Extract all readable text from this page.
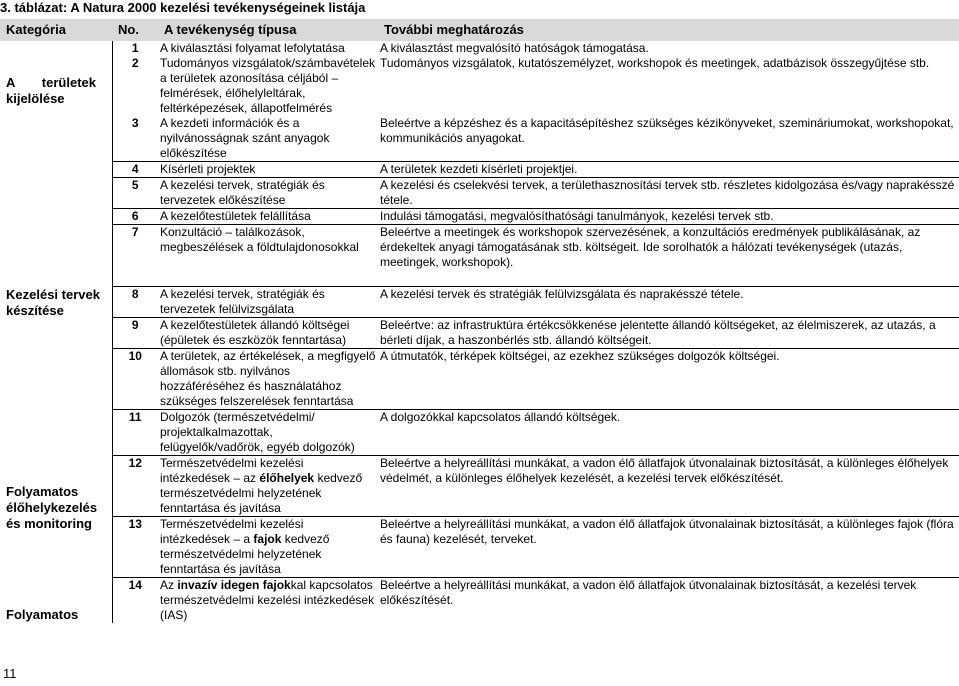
3. táblázat: A Natura 2000 kezelési tevékenységeinek listája
Kategória	No.	A tevékenység típusa	További meghatározás

A területek
kijelölése	1	A kiválasztási folyamat lefolytatása	A kiválasztást megvalósító hatóságok támogatása.
	2	Tudományos vizsgálatok/számbavételek a területek azonosítása céljából – felmérések, élőhelyleltárak, feltérképezések, állapotfelmérés	Tudományos vizsgálatok, kutatószemélyzet, workshopok és meetingek, adatbázisok összegyűjtése stb.
	3	A kezdeti információk és a nyilvánosságnak szánt anyagok előkészítése	Beleértve a képzéshez és a kapacitásépítéshez szükséges kézikönyveket, szemináriumokat, workshopokat, kommunikációs anyagokat.
	4	Kísérleti projektek	A területek kezdeti kísérleti projektjei.
	5	A kezelési tervek, stratégiák és tervezetek előkészítése	A kezelési és cselekvési tervek, a területhasznosítási tervek stb. részletes kidolgozása és/vagy naprakésszé tétele.
	6	A kezelőtestületek felállítása	Indulási támogatási, megvalósíthatósági tanulmányok, kezelési tervek stb.
	7	Konzultáció – találkozások, megbeszélések a földtulajdonosokkal	Beleértve a meetingek és workshopok szervezésének, a konzultációs eredmények publikálásának, az érdekeltek anyagi támogatásának stb. költségeit. Ide sorolhatók a hálózati tevékenységek (utazás, meetingek, workshopok).

Kezelési tervek készítése	8	A kezelési tervek, stratégiák és tervezetek felülvizsgálata	A kezelési tervek és stratégiák felülvizsgálata és naprakésszé tétele.
	9	A kezelőtestületek állandó költségei (épületek és eszközök fenntartása)	Beleértve: az infrastruktúra értékcsökkenése jelentette állandó költségeket, az élelmiszerek, az utazás, a bérleti díjak, a haszonbérlés stb. állandó költségeit.
	10	A területek, az értékelések, a megfigyelő állomások stb. nyilvános hozzáféréséhez és használatához szükséges felszerelések fenntartása	A útmutatók, térképek költségei, az ezekhez szükséges dolgozók költségei.
Folyamatos élőhelykezelés és monitoring	11	Dolgozók (természetvédelmi/ projektalkalmazottak, felügyelők/vadőrök, egyéb dolgozók)	A dolgozókkal kapcsolatos állandó költségek.
	12	Természetvédelmi kezelési intézkedések – az élőhelyek kedvező természetvédelmi helyzetének fenntartása és javítása	Beleértve a helyreállítási munkákat, a vadon élő állatfajok útvonalainak biztosítását, a különleges élőhelyek védelmét, a különleges élőhelyek kezelését, a kezelési tervek előkészítését.
	13	Természetvédelmi kezelési intézkedések – a fajok kedvező természetvédelmi helyzetének fenntartása és javítása	Beleértve a helyreállítási munkákat, a vadon élő állatfajok útvonalainak biztosítását, a különleges fajok (flóra és fauna) kezelését, terveket.
Folyamatos	14	Az invazív idegen fajokkal kapcsolatos természetvédelmi kezelési intézkedések (IAS)	Beleértve a helyreállítási munkákat, a vadon élő állatfajok útvonalainak biztosítását, a kezelési tervek előkészítését.
11
